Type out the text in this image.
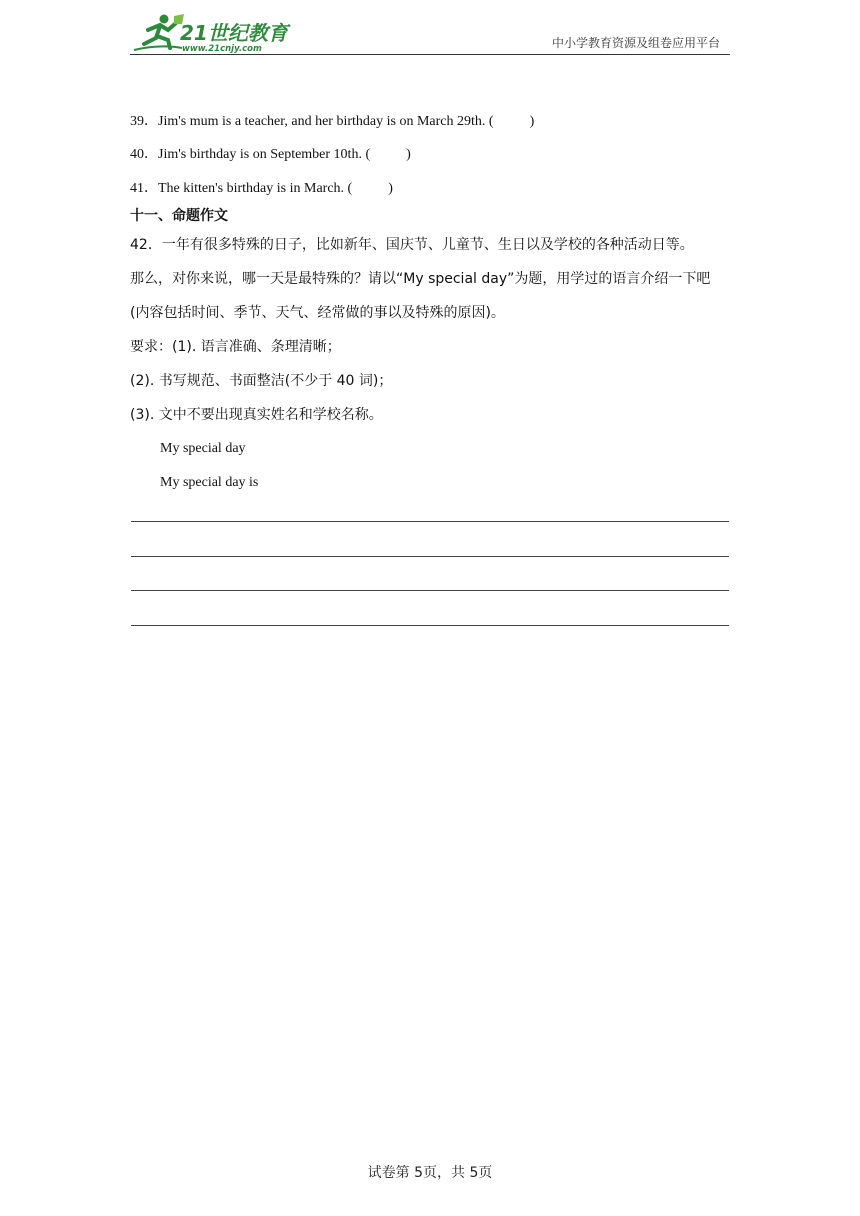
21世纪教育
www.21cnjy.com	中小学教育资源及组卷应用平台
39．Jim's mum is a teacher, and her birthday is on March 29th. (	)
40．Jim's birthday is on September 10th. (	)
41．The kitten's birthday is in March. (	)
十一、命题作文
42．一年有很多特殊的日子，比如新年、国庆节、儿童节、生日以及学校的各种活动日等。
那么，对你来说，哪一天是最特殊的？请以“My special day”为题，用学过的语言介绍一下吧
(内容包括时间、季节、天气、经常做的事以及特殊的原因)。
要求：(1). 语言准确、条理清晰；
(2). 书写规范、书面整洁(不少于 40 词)；
(3). 文中不要出现真实姓名和学校名称。
My special day
My special day is
试卷第 5页，共 5页
